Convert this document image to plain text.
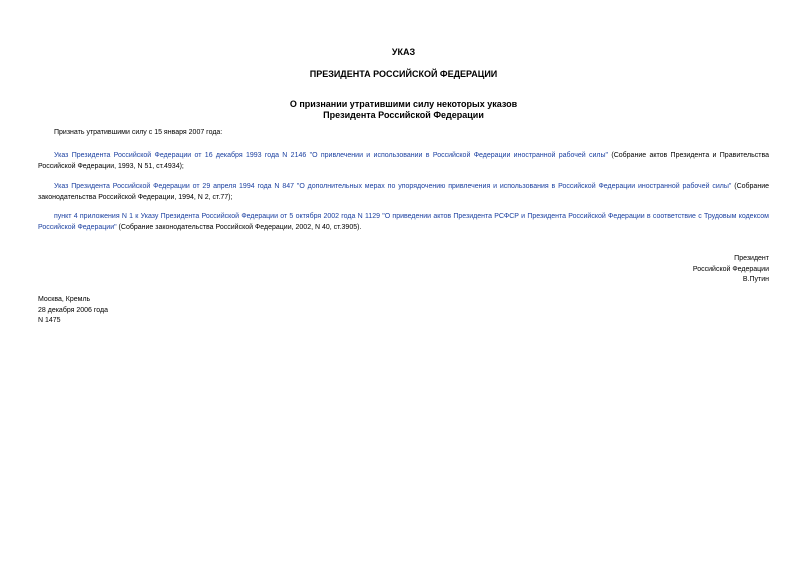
УКАЗ
ПРЕЗИДЕНТА РОССИЙСКОЙ ФЕДЕРАЦИИ
О признании утратившими силу некоторых указов
Президента Российской Федерации
Признать утратившими силу с 15 января 2007 года:
Указ Президента Российской Федерации от 16 декабря 1993 года N 2146 "О привлечении и использовании в Российской Федерации иностранной рабочей силы" (Собрание актов Президента и Правительства Российской Федерации, 1993, N 51, ст.4934);
Указ Президента Российской Федерации от 29 апреля 1994 года N 847 "О дополнительных мерах по упорядочению привлечения и использования в Российской Федерации иностранной рабочей силы" (Собрание законодательства Российской Федерации, 1994, N 2, ст.77);
пункт 4 приложения N 1 к Указу Президента Российской Федерации от 5 октября 2002 года N 1129 "О приведении актов Президента РСФСР и Президента Российской Федерации в соответствие с Трудовым кодексом Российской Федерации" (Собрание законодательства Российской Федерации, 2002, N 40, ст.3905).
Президент
Российской Федерации
В.Путин
Москва, Кремль
28 декабря 2006 года
N 1475
